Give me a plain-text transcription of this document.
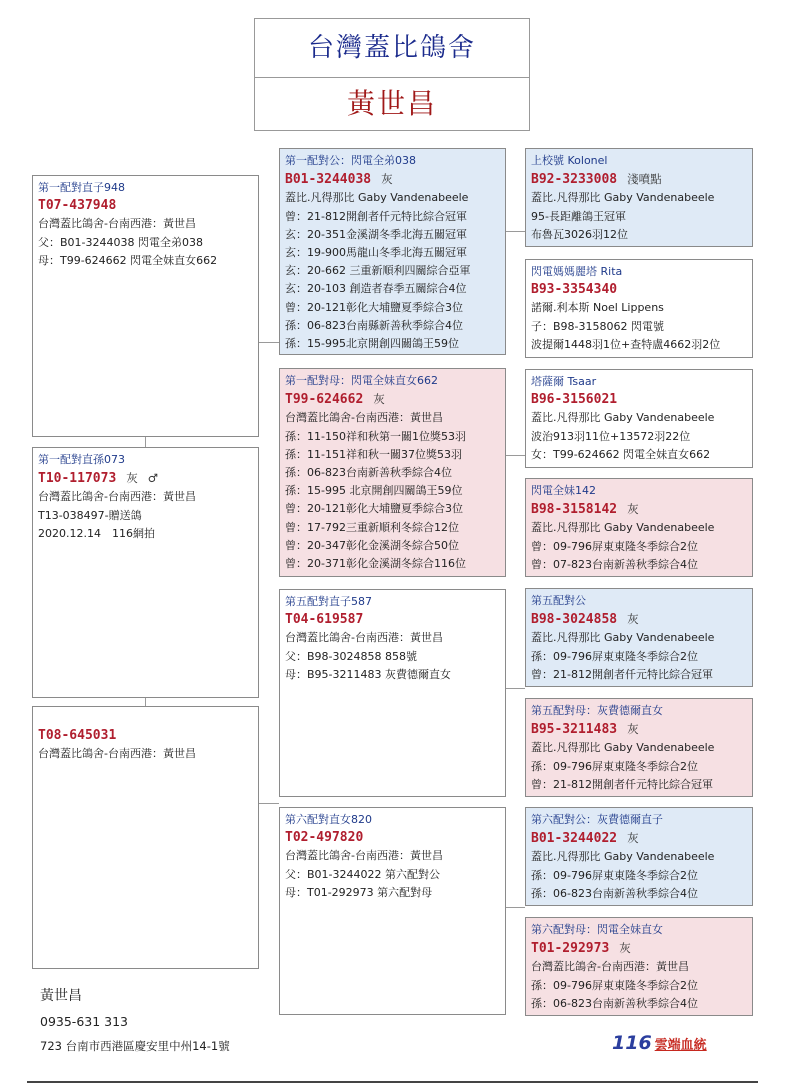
台灣蓋比鴿舍
黃世昌
第一配對直子948
T07-437948
台灣蓋比鴿舍-台南西港：黃世昌
父：B01-3244038 閃電全弟038
母：T99-624662 閃電全妹直女662
第一配對直孫073
T10-117073 灰 ♂
台灣蓋比鴿舍-台南西港：黃世昌
T13-038497-贈送鴿
2020.12.14　116網拍
T08-645031
台灣蓋比鴿舍-台南西港：黃世昌
第一配對公：閃電全弟038
B01-3244038 灰
蓋比.凡得那比 Gaby Vandenabeele
曾：21-812開創者仟元特比綜合冠軍
玄：20-351金溪湖冬季北海五關冠軍
玄：19-900馬龍山冬季北海五關冠軍
玄：20-662 三重新順利四關綜合亞軍
玄：20-103 創造者春季五關綜合4位
曾：20-121彰化大埔鹽夏季綜合3位
孫：06-823台南縣新善秋季綜合4位
孫：15-995北京開創四關鴿王59位
第一配對母：閃電全妹直女662
T99-624662 灰
台灣蓋比鴿舍-台南西港：黃世昌
孫：11-150祥和秋第一關1位獎53羽
孫：11-151祥和秋一關37位獎53羽
孫：06-823台南新善秋季綜合4位
孫：15-995 北京開創四關鴿王59位
曾：20-121彰化大埔鹽夏季綜合3位
曾：17-792三重新順利冬綜合12位
曾：20-347彰化金溪湖冬綜合50位
曾：20-371彰化金溪湖冬綜合116位
第五配對直子587
T04-619587
台灣蓋比鴿舍-台南西港：黃世昌
父：B98-3024858 858號
母：B95-3211483 灰費德爾直女
第六配對直女820
T02-497820
台灣蓋比鴿舍-台南西港：黃世昌
父：B01-3244022 第六配對公
母：T01-292973 第六配對母
上校號 Kolonel
B92-3233008 淺噴點
蓋比.凡得那比 Gaby Vandenabeele
95-長距離鴿王冠軍
布魯瓦3026羽12位
閃電媽媽麗塔 Rita
B93-3354340
諾爾.利本斯 Noel Lippens
子：B98-3158062 閃電號
波提爾1448羽1位+查特盧4662羽2位
塔薩爾 Tsaar
B96-3156021
蓋比.凡得那比 Gaby Vandenabeele
波治913羽11位+13572羽22位
女：T99-624662 閃電全妹直女662
閃電全妹142
B98-3158142 灰
蓋比.凡得那比 Gaby Vandenabeele
曾：09-796屏東東隆冬季綜合2位
曾：07-823台南新善秋季綜合4位
第五配對公
B98-3024858 灰
蓋比.凡得那比 Gaby Vandenabeele
孫：09-796屏東東隆冬季綜合2位
曾：21-812開創者仟元特比綜合冠軍
第五配對母：灰費德爾直女
B95-3211483 灰
蓋比.凡得那比 Gaby Vandenabeele
孫：09-796屏東東隆冬季綜合2位
曾：21-812開創者仟元特比綜合冠軍
第六配對公：灰費德爾直子
B01-3244022 灰
蓋比.凡得那比 Gaby Vandenabeele
孫：09-796屏東東隆冬季綜合2位
孫：06-823台南新善秋季綜合4位
第六配對母：閃電全妹直女
T01-292973 灰
台灣蓋比鴿舍-台南西港：黃世昌
孫：09-796屏東東隆冬季綜合2位
孫：06-823台南新善秋季綜合4位
黃世昌
0935-631 313
723 台南市西港區慶安里中州14-1號	116 雲端血統
